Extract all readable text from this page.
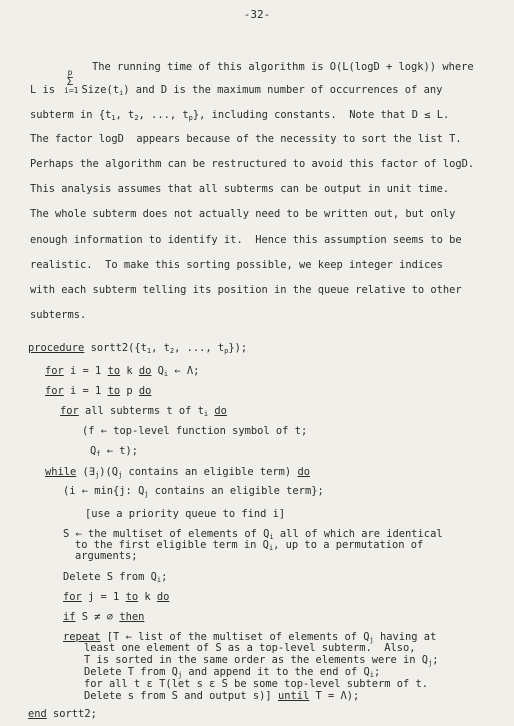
-32-
The running time of this algorithm is O(L(logD + logk)) where
L is  $Size(t_i)$ and D is the maximum number of occurrences of any
p
Σ
i=1
subterm in {$t_1$, $t_2$, ..., $t_p$}, including constants.  Note that D ≤ L.
The factor logD  appears because of the necessity to sort the list T.
Perhaps the algorithm can be restructured to avoid this factor of logD.
This analysis assumes that all subterms can be output in unit time.
The whole subterm does not actually need to be written out, but only
enough information to identify it.  Hence this assumption seems to be
realistic.  To make this sorting possible, we keep integer indices
with each subterm telling its position in the queue relative to other
subterms.
procedure $sortt2(\{t_1$, $t_2$, ..., $t_p$});
for i = 1 to k do $Q_i$ ← Λ;
for i = 1 to p do
for all subterms t of $t_i$ do
(f ← top-level function symbol of t;
$Q_f$ ← t);
while $(\exists_j)(Q_j$ contains an eligible term) do
(i ← min{j: $Q_j$ contains an eligible term};
[use a priority queue to find i]
S ← the multiset of elements of $Q_i$ all of which are identical
to the first eligible term in $Q_i$, up to a permutation of
arguments;
Delete S from $Q_i$;
for j = 1 to k do
if S ≠ ∅ then
repeat [T ← list of the multiset of elements of $Q_j$ having at
least one element of S as a top-level subterm.  Also,
T is sorted in the same order as the elements were in $Q_j$;
Delete T from $Q_j$ and append it to the end of $Q_i$;
for all t ε T(let s ε S be some top-level subterm of t.
Delete s from S and output s)] until T = Λ);
end sortt2;
